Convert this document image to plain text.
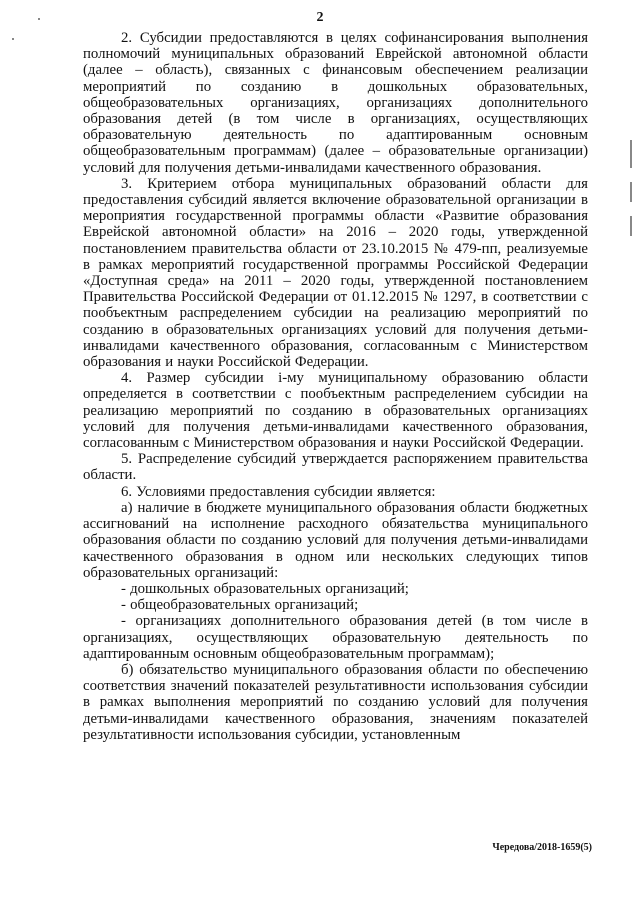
2

2. Субсидии предоставляются в целях софинансирования выполнения полномочий муниципальных образований Еврейской автономной области (далее – область), связанных с финансовым обеспечением реализации мероприятий по созданию в дошкольных образовательных, общеобразовательных организациях, организациях дополнительного образования детей (в том числе в организациях, осуществляющих образовательную деятельность по адаптированным основным общеобразовательным программам) (далее – образовательные организации) условий для получения детьми-инвалидами качественного образования.

3. Критерием отбора муниципальных образований области для предоставления субсидий является включение образовательной организации в мероприятия государственной программы области «Развитие образования Еврейской автономной области» на 2016 – 2020 годы, утвержденной постановлением правительства области от 23.10.2015 № 479-пп, реализуемые в рамках мероприятий государственной программы Российской Федерации «Доступная среда» на 2011 – 2020 годы, утвержденной постановлением Правительства Российской Федерации от 01.12.2015 № 1297, в соответствии с пообъектным распределением субсидии на реализацию мероприятий по созданию в образовательных организациях условий для получения детьми-инвалидами качественного образования, согласованным с Министерством образования и науки Российской Федерации.

4. Размер субсидии i-му муниципальному образованию области определяется в соответствии с пообъектным распределением субсидии на реализацию мероприятий по созданию в образовательных организациях условий для получения детьми-инвалидами качественного образования, согласованным с Министерством образования и науки Российской Федерации.

5. Распределение субсидий утверждается распоряжением правительства области.

6. Условиями предоставления субсидии является:

а) наличие в бюджете муниципального образования области бюджетных ассигнований на исполнение расходного обязательства муниципального образования области по созданию условий для получения детьми-инвалидами качественного образования в одном или нескольких следующих типов образовательных организаций:

- дошкольных образовательных организаций;

- общеобразовательных организаций;

- организациях дополнительного образования детей (в том числе в организациях, осуществляющих образовательную деятельность по адаптированным основным общеобразовательным программам);

б) обязательство муниципального образования области по обеспечению соответствия значений показателей результативности использования субсидии в рамках выполнения мероприятий по созданию условий для получения детьми-инвалидами качественного образования, значениям показателей результативности использования субсидии, установленным

Чередова/2018-1659(5)
